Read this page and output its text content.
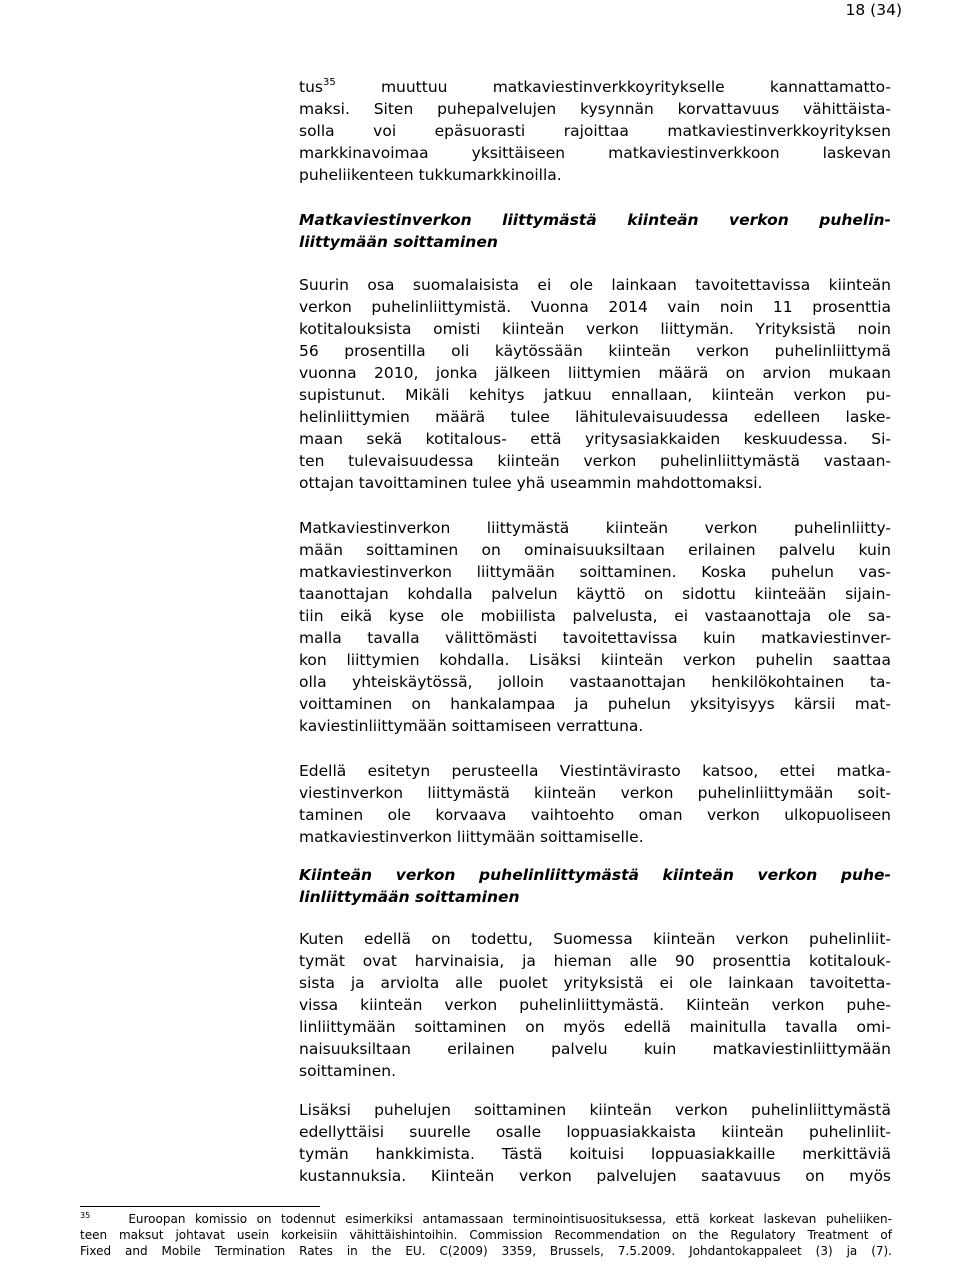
18 (34)
tus$^{35}$	muuttuu matkaviestinverkkoyritykselle kannattamatto-
maksi. Siten puhepalvelujen kysynnän korvattavuus vähittäista-
solla voi epäsuorasti rajoittaa matkaviestinverkkoyrityksen
markkinavoimaa yksittäiseen matkaviestinverkkoon laskevan
puheliikenteen tukkumarkkinoilla.
Matkaviestinverkon liittymästä kiinteän verkon puhelin-
liittymään soittaminen
Suurin osa suomalaisista ei ole lainkaan tavoitettavissa kiinteän
verkon puhelinliittymistä. Vuonna 2014 vain noin 11 prosenttia
kotitalouksista omisti kiinteän verkon liittymän. Yrityksistä noin
56 prosentilla oli käytössään kiinteän verkon puhelinliittymä
vuonna 2010, jonka jälkeen liittymien määrä on arvion mukaan
supistunut. Mikäli kehitys jatkuu ennallaan, kiinteän verkon pu-
helinliittymien määrä tulee lähitulevaisuudessa edelleen laske-
maan sekä kotitalous- että yritysasiakkaiden keskuudessa. Si-
ten tulevaisuudessa kiinteän verkon puhelinliittymästä vastaan-
ottajan tavoittaminen tulee yhä useammin mahdottomaksi.
Matkaviestinverkon liittymästä kiinteän verkon puhelinliitty-
mään soittaminen on ominaisuuksiltaan erilainen palvelu kuin
matkaviestinverkon liittymään soittaminen. Koska puhelun vas-
taanottajan kohdalla palvelun käyttö on sidottu kiinteään sijain-
tiin eikä kyse ole mobiilista palvelusta, ei vastaanottaja ole sa-
malla tavalla välittömästi tavoitettavissa kuin matkaviestinver-
kon liittymien kohdalla. Lisäksi kiinteän verkon puhelin saattaa
olla yhteiskäytössä, jolloin vastaanottajan henkilökohtainen ta-
voittaminen on hankalampaa ja puhelun yksityisyys kärsii mat-
kaviestinliittymään soittamiseen verrattuna.
Edellä esitetyn perusteella Viestintävirasto katsoo, ettei matka-
viestinverkon liittymästä kiinteän verkon puhelinliittymään soit-
taminen ole korvaava vaihtoehto oman verkon ulkopuoliseen
matkaviestinverkon liittymään soittamiselle.
Kiinteän verkon puhelinliittymästä kiinteän verkon puhe-
linliittymään soittaminen
Kuten edellä on todettu, Suomessa kiinteän verkon puhelinliit-
tymät ovat harvinaisia, ja hieman alle 90 prosenttia kotitalouk-
sista ja arviolta alle puolet yrityksistä ei ole lainkaan tavoitetta-
vissa kiinteän verkon puhelinliittymästä. Kiinteän verkon puhe-
linliittymään soittaminen on myös edellä mainitulla tavalla omi-
naisuuksiltaan erilainen palvelu kuin matkaviestinliittymään
soittaminen.
Lisäksi puhelujen soittaminen kiinteän verkon puhelinliittymästä
edellyttäisi suurelle osalle loppuasiakkaista kiinteän puhelinliit-
tymän hankkimista. Tästä koituisi loppuasiakkaille merkittäviä
kustannuksia. Kiinteän verkon palvelujen saatavuus on myös
$^{35}$	Euroopan komissio on todennut esimerkiksi antamassaan terminointisuosituksessa, että korkeat laskevan puheliiken-
teen maksut johtavat usein korkeisiin vähittäishintoihin. Commission Recommendation on the Regulatory Treatment of
Fixed and Mobile Termination Rates in the EU. C(2009) 3359, Brussels, 7.5.2009. Johdantokappaleet (3) ja (7).
